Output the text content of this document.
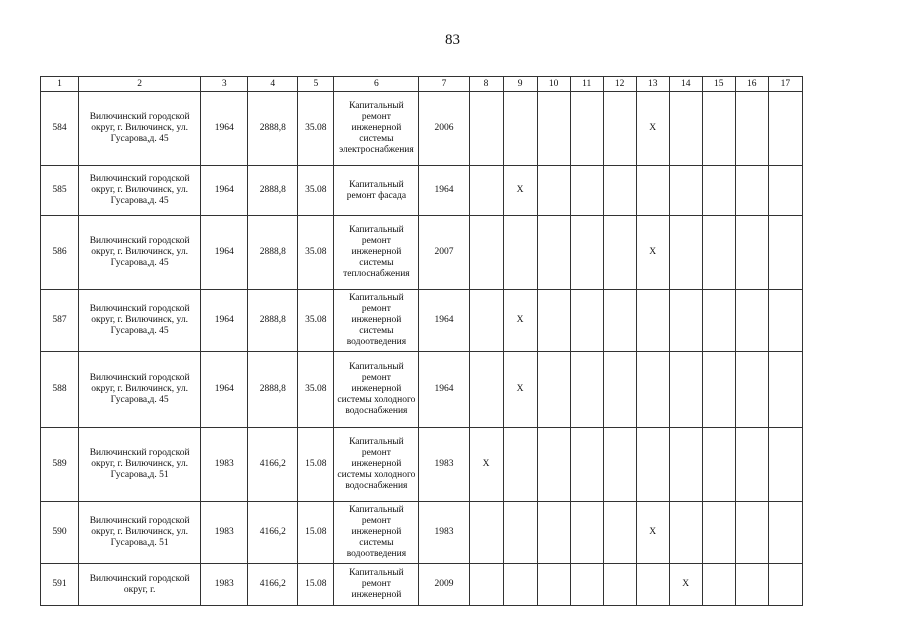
83
1	2	3	4	5	6	7	8	9	10	11	12	13	14	15	16	17
584	Вилючинский городской округ, г. Вилючинск, ул. Гусарова,д. 45	1964	2888,8	35.08	Капитальный ремонт инженерной системы электроснабжения	2006						X				
585	Вилючинский городской округ, г. Вилючинск, ул. Гусарова,д. 45	1964	2888,8	35.08	Капитальный ремонт фасада	1964		X								
586	Вилючинский городской округ, г. Вилючинск, ул. Гусарова,д. 45	1964	2888,8	35.08	Капитальный ремонт инженерной системы теплоснабжения	2007						X				
587	Вилючинский городской округ, г. Вилючинск, ул. Гусарова,д. 45	1964	2888,8	35.08	Капитальный ремонт инженерной системы водоотведения	1964		X								
588	Вилючинский городской округ, г. Вилючинск, ул. Гусарова,д. 45	1964	2888,8	35.08	Капитальный ремонт инженерной системы холодного водоснабжения	1964		X								
589	Вилючинский городской округ, г. Вилючинск, ул. Гусарова,д. 51	1983	4166,2	15.08	Капитальный ремонт инженерной системы холодного водоснабжения	1983	X									
590	Вилючинский городской округ, г. Вилючинск, ул. Гусарова,д. 51	1983	4166,2	15.08	Капитальный ремонт инженерной системы водоотведения	1983						X				
591	Вилючинский городской округ, г.	1983	4166,2	15.08	Капитальный ремонт инженерной	2009							X			
